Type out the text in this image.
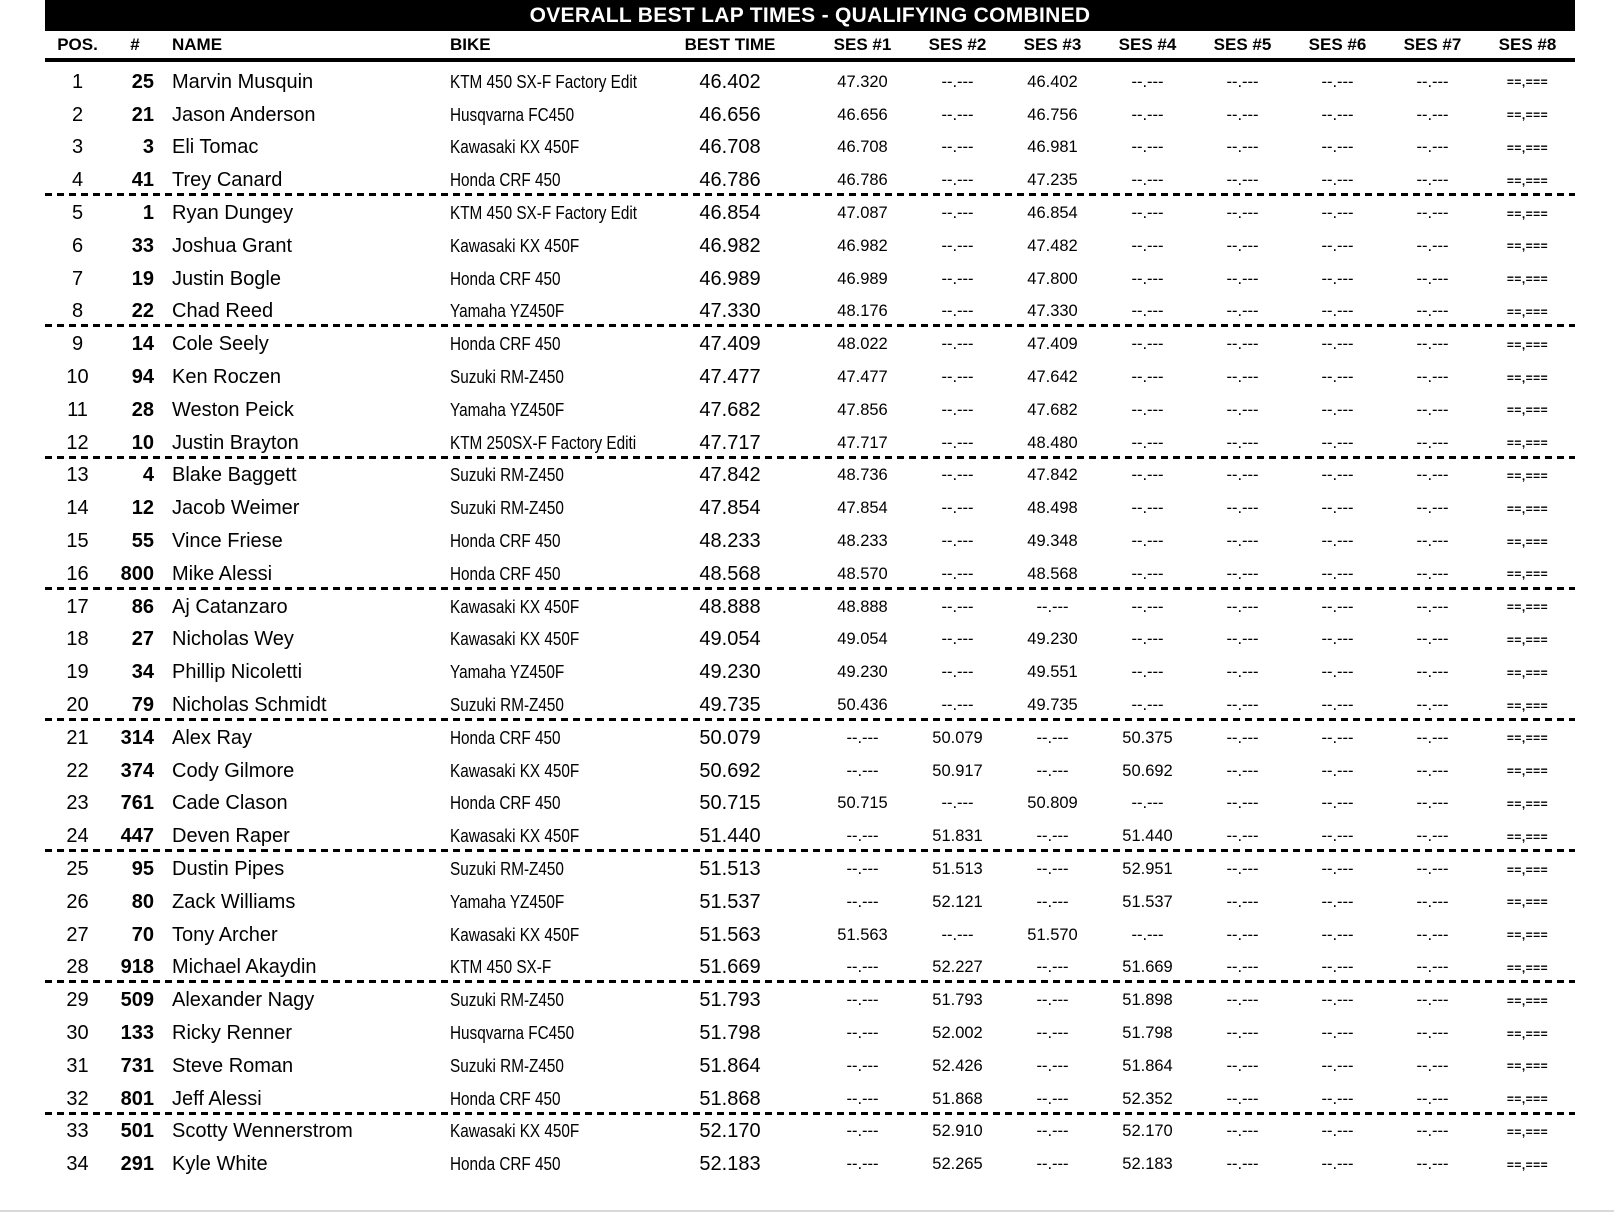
OVERALL BEST LAP TIMES - QUALIFYING COMBINED
POS.	#	NAME	BIKE	BEST TIME	SES #1	SES #2	SES #3	SES #4	SES #5	SES #6	SES #7	SES #8
1	25 Marvin Musquin	KTM 450 SX-F Factory Edit	46.402	47.320	--.---	46.402	--.---	--.---	--.---	--.---	==,===
2	21 Jason Anderson	Husqvarna FC450	46.656	46.656	--.---	46.756	--.---	--.---	--.---	--.---	==,===
3	3 Eli Tomac	Kawasaki KX 450F	46.708	46.708	--.---	46.981	--.---	--.---	--.---	--.---	==,===
4	41 Trey Canard	Honda CRF 450	46.786	46.786	--.---	47.235	--.---	--.---	--.---	--.---	==,===
5	1 Ryan Dungey	KTM 450 SX-F Factory Edit	46.854	47.087	--.---	46.854	--.---	--.---	--.---	--.---	==,===
6	33 Joshua Grant	Kawasaki KX 450F	46.982	46.982	--.---	47.482	--.---	--.---	--.---	--.---	==,===
7	19 Justin Bogle	Honda CRF 450	46.989	46.989	--.---	47.800	--.---	--.---	--.---	--.---	==,===
8	22 Chad Reed	Yamaha YZ450F	47.330	48.176	--.---	47.330	--.---	--.---	--.---	--.---	==,===
9	14 Cole Seely	Honda CRF 450	47.409	48.022	--.---	47.409	--.---	--.---	--.---	--.---	==,===
10	94 Ken Roczen	Suzuki RM-Z450	47.477	47.477	--.---	47.642	--.---	--.---	--.---	--.---	==,===
11	28 Weston Peick	Yamaha YZ450F	47.682	47.856	--.---	47.682	--.---	--.---	--.---	--.---	==,===
12	10 Justin Brayton	KTM 250SX-F Factory Editi	47.717	47.717	--.---	48.480	--.---	--.---	--.---	--.---	==,===
13	4 Blake Baggett	Suzuki RM-Z450	47.842	48.736	--.---	47.842	--.---	--.---	--.---	--.---	==,===
14	12 Jacob Weimer	Suzuki RM-Z450	47.854	47.854	--.---	48.498	--.---	--.---	--.---	--.---	==,===
15	55 Vince Friese	Honda CRF 450	48.233	48.233	--.---	49.348	--.---	--.---	--.---	--.---	==,===
16	800 Mike Alessi	Honda CRF 450	48.568	48.570	--.---	48.568	--.---	--.---	--.---	--.---	==,===
17	86 Aj Catanzaro	Kawasaki KX 450F	48.888	48.888	--.---	--.---	--.---	--.---	--.---	--.---	==,===
18	27 Nicholas Wey	Kawasaki KX 450F	49.054	49.054	--.---	49.230	--.---	--.---	--.---	--.---	==,===
19	34 Phillip Nicoletti	Yamaha YZ450F	49.230	49.230	--.---	49.551	--.---	--.---	--.---	--.---	==,===
20	79 Nicholas Schmidt	Suzuki RM-Z450	49.735	50.436	--.---	49.735	--.---	--.---	--.---	--.---	==,===
21	314 Alex Ray	Honda CRF 450	50.079	--.---	50.079	--.---	50.375	--.---	--.---	--.---	==,===
22	374 Cody Gilmore	Kawasaki KX 450F	50.692	--.---	50.917	--.---	50.692	--.---	--.---	--.---	==,===
23	761 Cade Clason	Honda CRF 450	50.715	50.715	--.---	50.809	--.---	--.---	--.---	--.---	==,===
24	447 Deven Raper	Kawasaki KX 450F	51.440	--.---	51.831	--.---	51.440	--.---	--.---	--.---	==,===
25	95 Dustin Pipes	Suzuki RM-Z450	51.513	--.---	51.513	--.---	52.951	--.---	--.---	--.---	==,===
26	80 Zack Williams	Yamaha YZ450F	51.537	--.---	52.121	--.---	51.537	--.---	--.---	--.---	==,===
27	70 Tony Archer	Kawasaki KX 450F	51.563	51.563	--.---	51.570	--.---	--.---	--.---	--.---	==,===
28	918 Michael Akaydin	KTM 450 SX-F	51.669	--.---	52.227	--.---	51.669	--.---	--.---	--.---	==,===
29	509 Alexander Nagy	Suzuki RM-Z450	51.793	--.---	51.793	--.---	51.898	--.---	--.---	--.---	==,===
30	133 Ricky Renner	Husqvarna FC450	51.798	--.---	52.002	--.---	51.798	--.---	--.---	--.---	==,===
31	731 Steve Roman	Suzuki RM-Z450	51.864	--.---	52.426	--.---	51.864	--.---	--.---	--.---	==,===
32	801 Jeff Alessi	Honda CRF 450	51.868	--.---	51.868	--.---	52.352	--.---	--.---	--.---	==,===
33	501 Scotty Wennerstrom	Kawasaki KX 450F	52.170	--.---	52.910	--.---	52.170	--.---	--.---	--.---	==,===
34	291 Kyle White	Honda CRF 450	52.183	--.---	52.265	--.---	52.183	--.---	--.---	--.---	==,===
